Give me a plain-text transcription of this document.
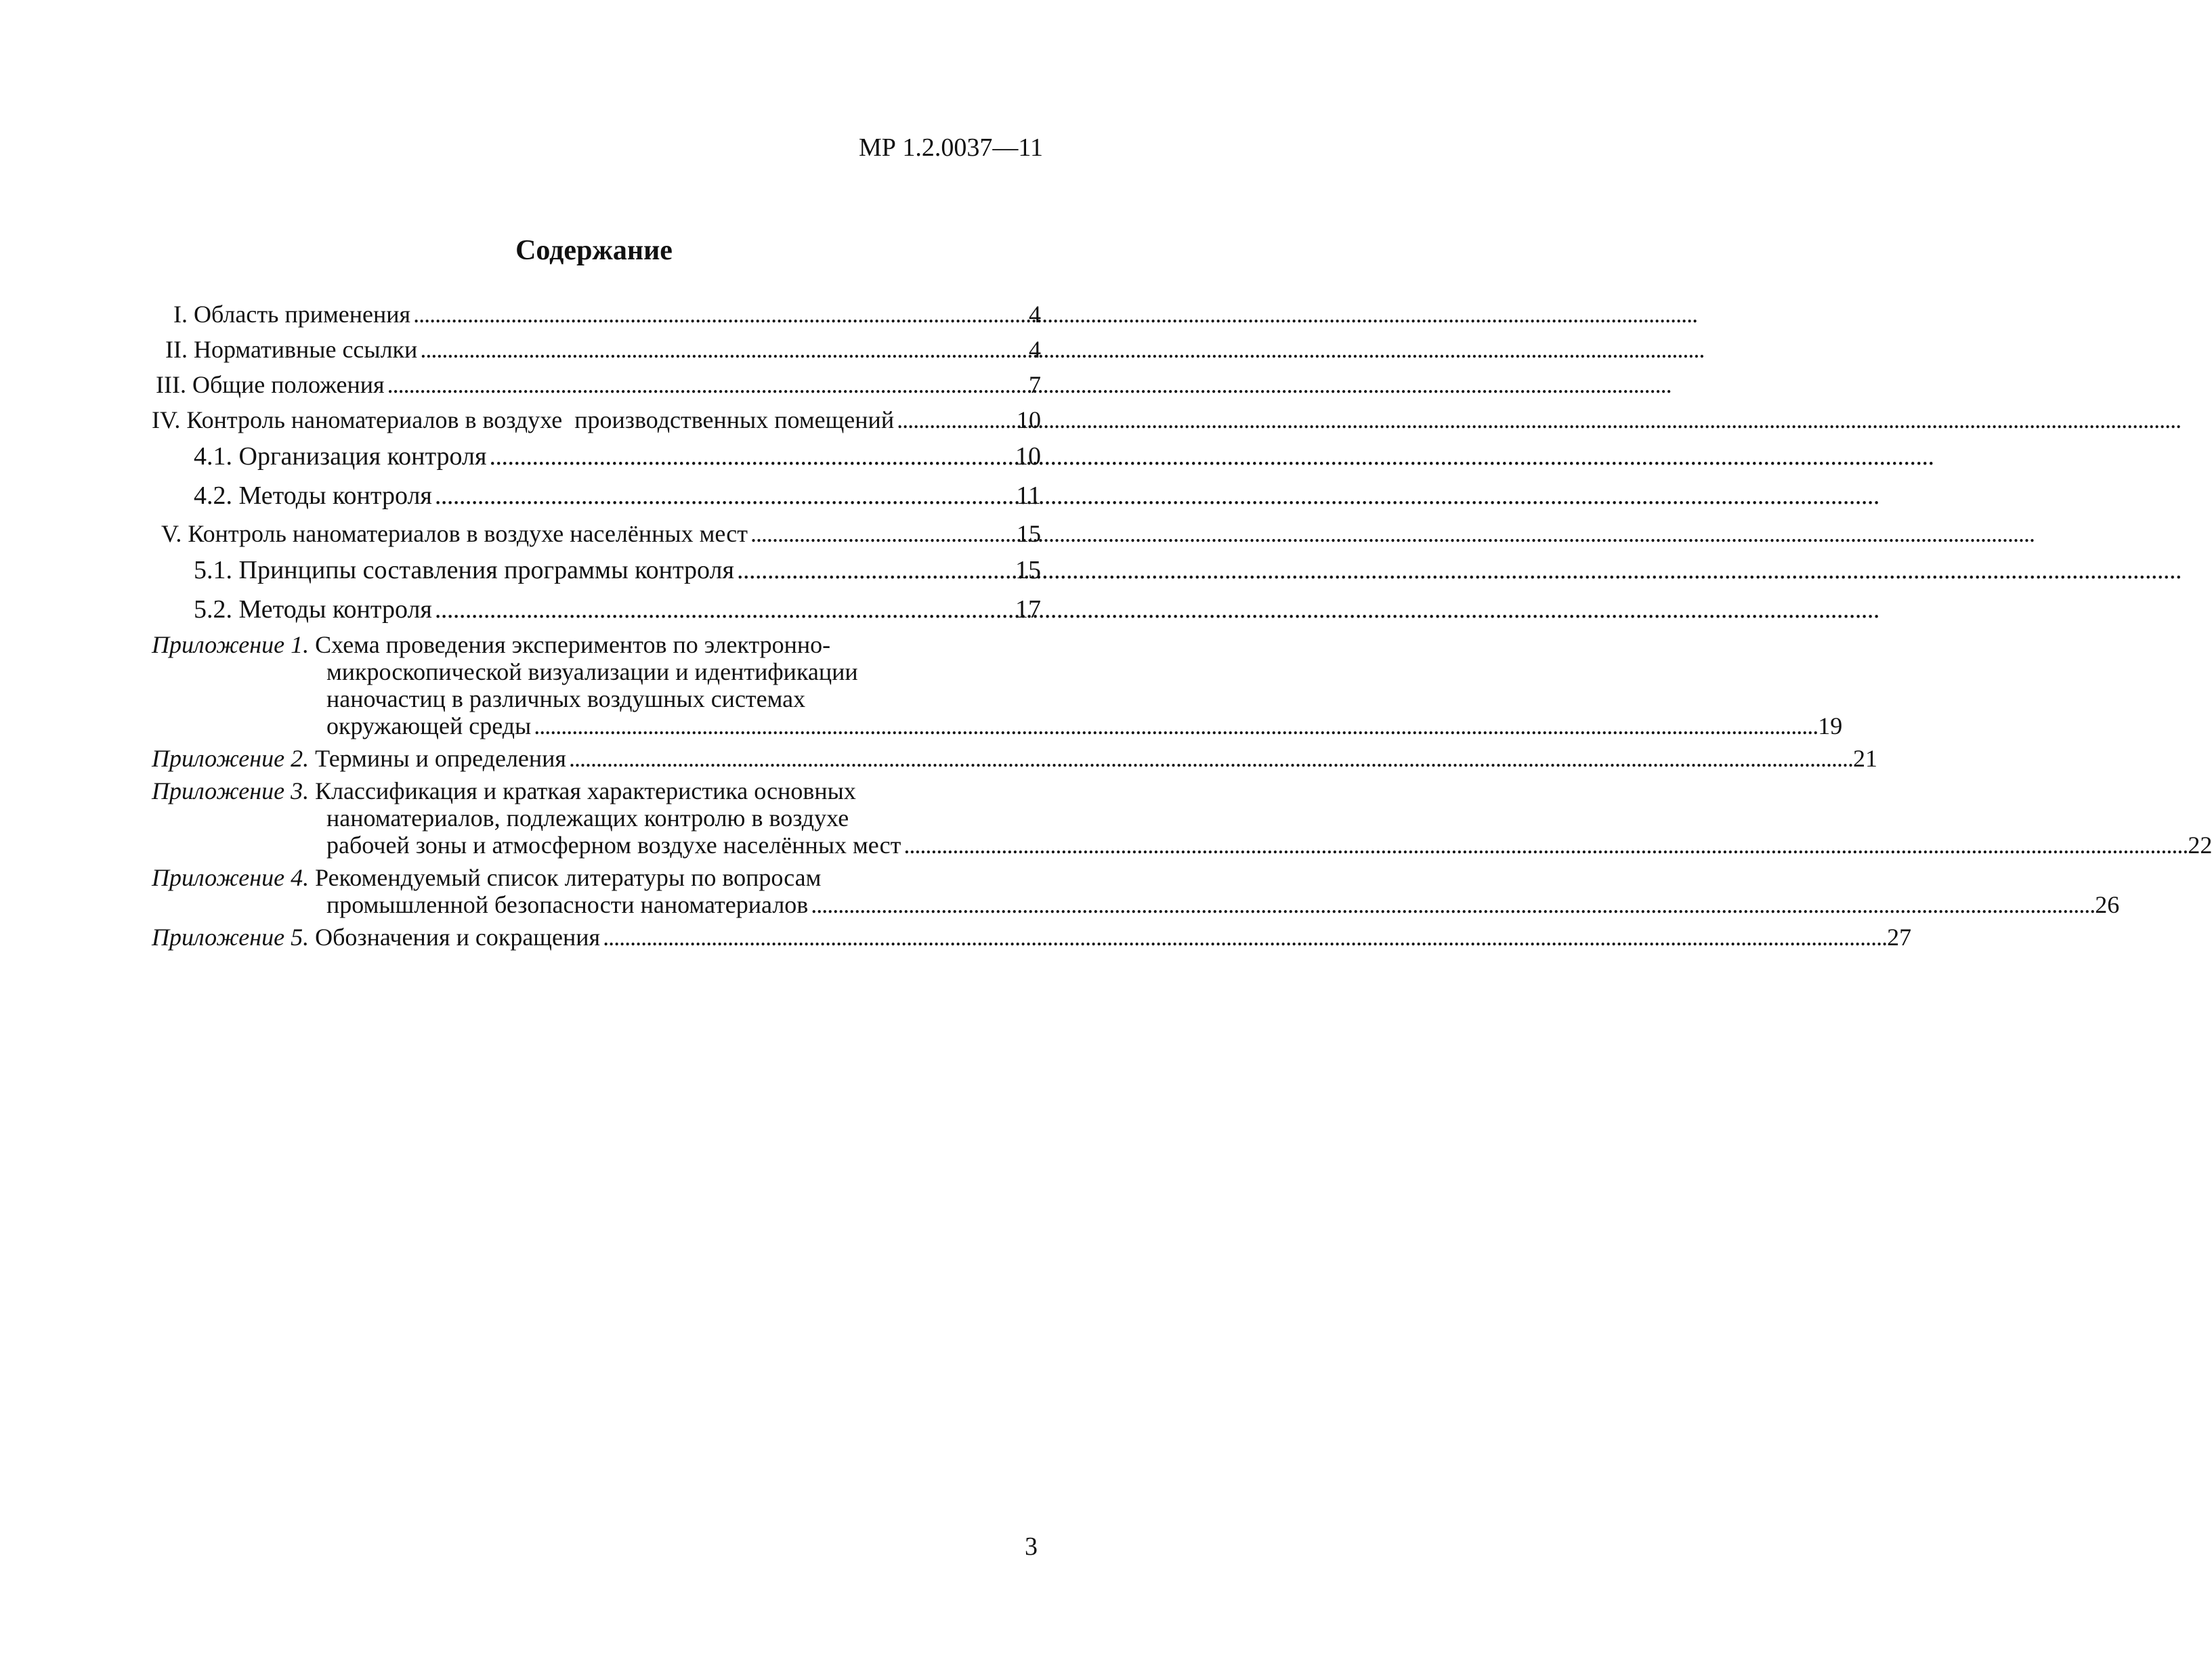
МР 1.2.0037—11
Содержание
I. Область применения . . .	4
II. Нормативные ссылки . . .	4
III. Общие положения . . .	7
IV. Контроль наноматериалов в воздухе  производственных помещений . . .	10
4.1. Организация контроля . . .	10
4.2. Методы контроля . . .	11
V. Контроль наноматериалов в воздухе населённых мест . . .	15
5.1. Принципы составления программы контроля . . .	15
5.2. Методы контроля . . .	17
Приложение 1. Схема проведения экспериментов по электронно-
микроскопической визуализации и идентификации
наночастиц в различных воздушных системах
окружающей среды . . .	19
Приложение 2. Термины и определения . . .	21
Приложение 3. Классификация и краткая характеристика основных
наноматериалов, подлежащих контролю в воздухе
рабочей зоны и атмосферном воздухе населённых мест . . .	22
Приложение 4. Рекомендуемый список литературы по вопросам
промышленной безопасности наноматериалов . . .	26
Приложение 5. Обозначения и сокращения . . .	27
3
